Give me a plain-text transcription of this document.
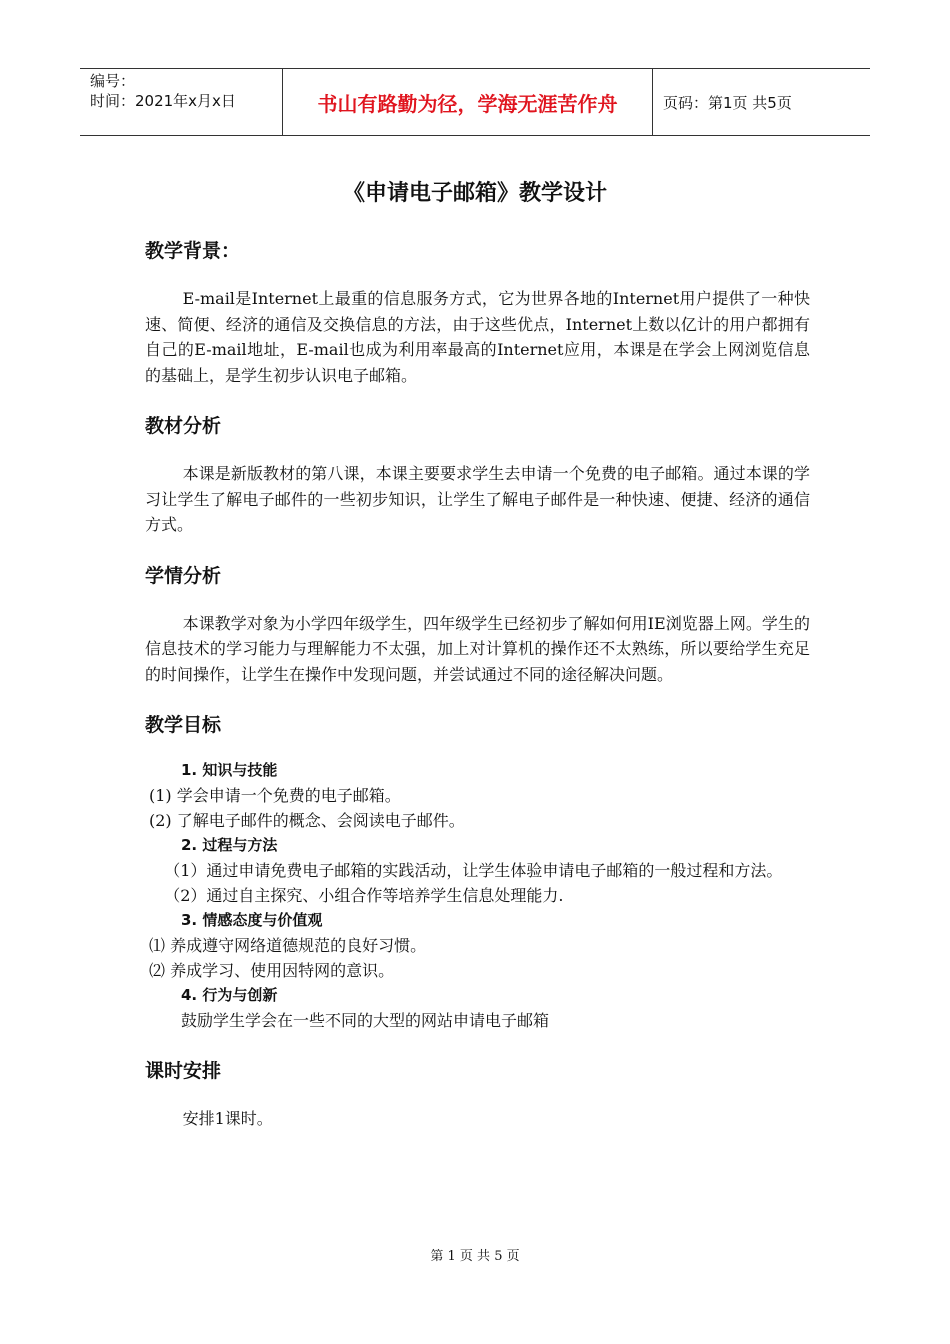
编号：
时间：2021年x月x日	书山有路勤为径，学海无涯苦作舟	页码：第1页 共5页
《申请电子邮箱》教学设计
教学背景：

E-mail是Internet上最重的信息服务方式，它为世界各地的Internet用户提供了一种快速、简便、经济的通信及交换信息的方法，由于这些优点，Internet上数以亿计的用户都拥有自己的E-mail地址，E-mail也成为利用率最高的Internet应用，本课是在学会上网浏览信息的基础上，是学生初步认识电子邮箱。

教材分析

本课是新版教材的第八课，本课主要要求学生去申请一个免费的电子邮箱。通过本课的学习让学生了解电子邮件的一些初步知识，让学生了解电子邮件是一种快速、便捷、经济的通信方式。

学情分析

本课教学对象为小学四年级学生，四年级学生已经初步了解如何用IE浏览器上网。学生的信息技术的学习能力与理解能力不太强，加上对计算机的操作还不太熟练，所以要给学生充足的时间操作，让学生在操作中发现问题，并尝试通过不同的途径解决问题。

教学目标
1. 知识与技能
(1) 学会申请一个免费的电子邮箱。
(2) 了解电子邮件的概念、会阅读电子邮件。
2. 过程与方法
（1）通过申请免费电子邮箱的实践活动，让学生体验申请电子邮箱的一般过程和方法。
（2）通过自主探究、小组合作等培养学生信息处理能力.
3. 情感态度与价值观
⑴ 养成遵守网络道德规范的良好习惯。
⑵ 养成学习、使用因特网的意识。
4. 行为与创新
鼓励学生学会在一些不同的大型的网站申请电子邮箱
课时安排

安排1课时。

第 1 页 共 5 页
